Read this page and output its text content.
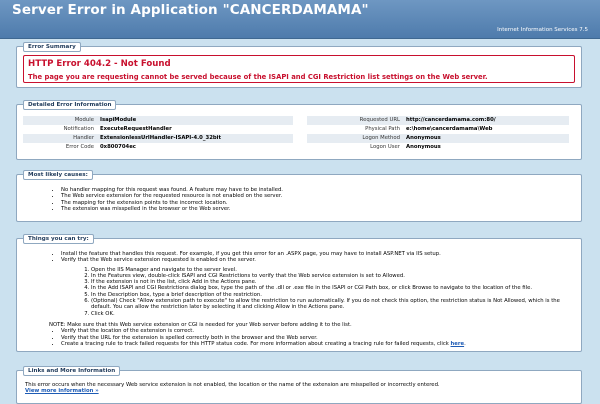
Server Error in Application "CANCERDAMAMA"
Internet Information Services 7.5
Error Summary
HTTP Error 404.2 - Not Found
The page you are requesting cannot be served because of the ISAPI and CGI Restriction list settings on the Web server.
Detailed Error Information
Module	IsapiModule
Notification	ExecuteRequestHandler
Handler	ExtensionlessUrlHandler-ISAPI-4.0_32bit
Error Code	0x800704ec
Requested URL	http://cancerdamama.com:80/
Physical Path	e:\home\cancerdamama\Web
Logon Method	Anonymous
Logon User	Anonymous
Most likely causes:
• No handler mapping for this request was found. A feature may have to be installed.
• The Web service extension for the requested resource is not enabled on the server.
• The mapping for the extension points to the incorrect location.
• The extension was misspelled in the browser or the Web server.
Things you can try:
• Install the feature that handles this request. For example, if you get this error for an .ASPX page, you may have to install ASP.NET via IIS setup.
• Verify that the Web service extension requested is enabled on the server.
1. Open the IIS Manager and navigate to the server level.
2. In the Features view, double-click ISAPI and CGI Restrictions to verify that the Web service extension is set to Allowed.
3. If the extension is not in the list, click Add in the Actions pane.
4. In the Add ISAPI and CGI Restrictions dialog box, type the path of the .dll or .exe file in the ISAPI or CGI Path box, or click Browse to navigate to the location of the file.
5. In the Description box, type a brief description of the restriction.
6. (Optional) Check "Allow extension path to execute" to allow the restriction to run automatically. If you do not check this option, the restriction status is Not Allowed, which is the default. You can allow the restriction later by selecting it and clicking Allow in the Actions pane.
7. Click OK.
NOTE: Make sure that this Web service extension or CGI is needed for your Web server before adding it to the list.
• Verify that the location of the extension is correct.
• Verify that the URL for the extension is spelled correctly both in the browser and the Web server.
• Create a tracing rule to track failed requests for this HTTP status code. For more information about creating a tracing rule for failed requests, click here.
Links and More Information
This error occurs when the necessary Web service extension is not enabled, the location or the name of the extension are misspelled or incorrectly entered.
View more information »
